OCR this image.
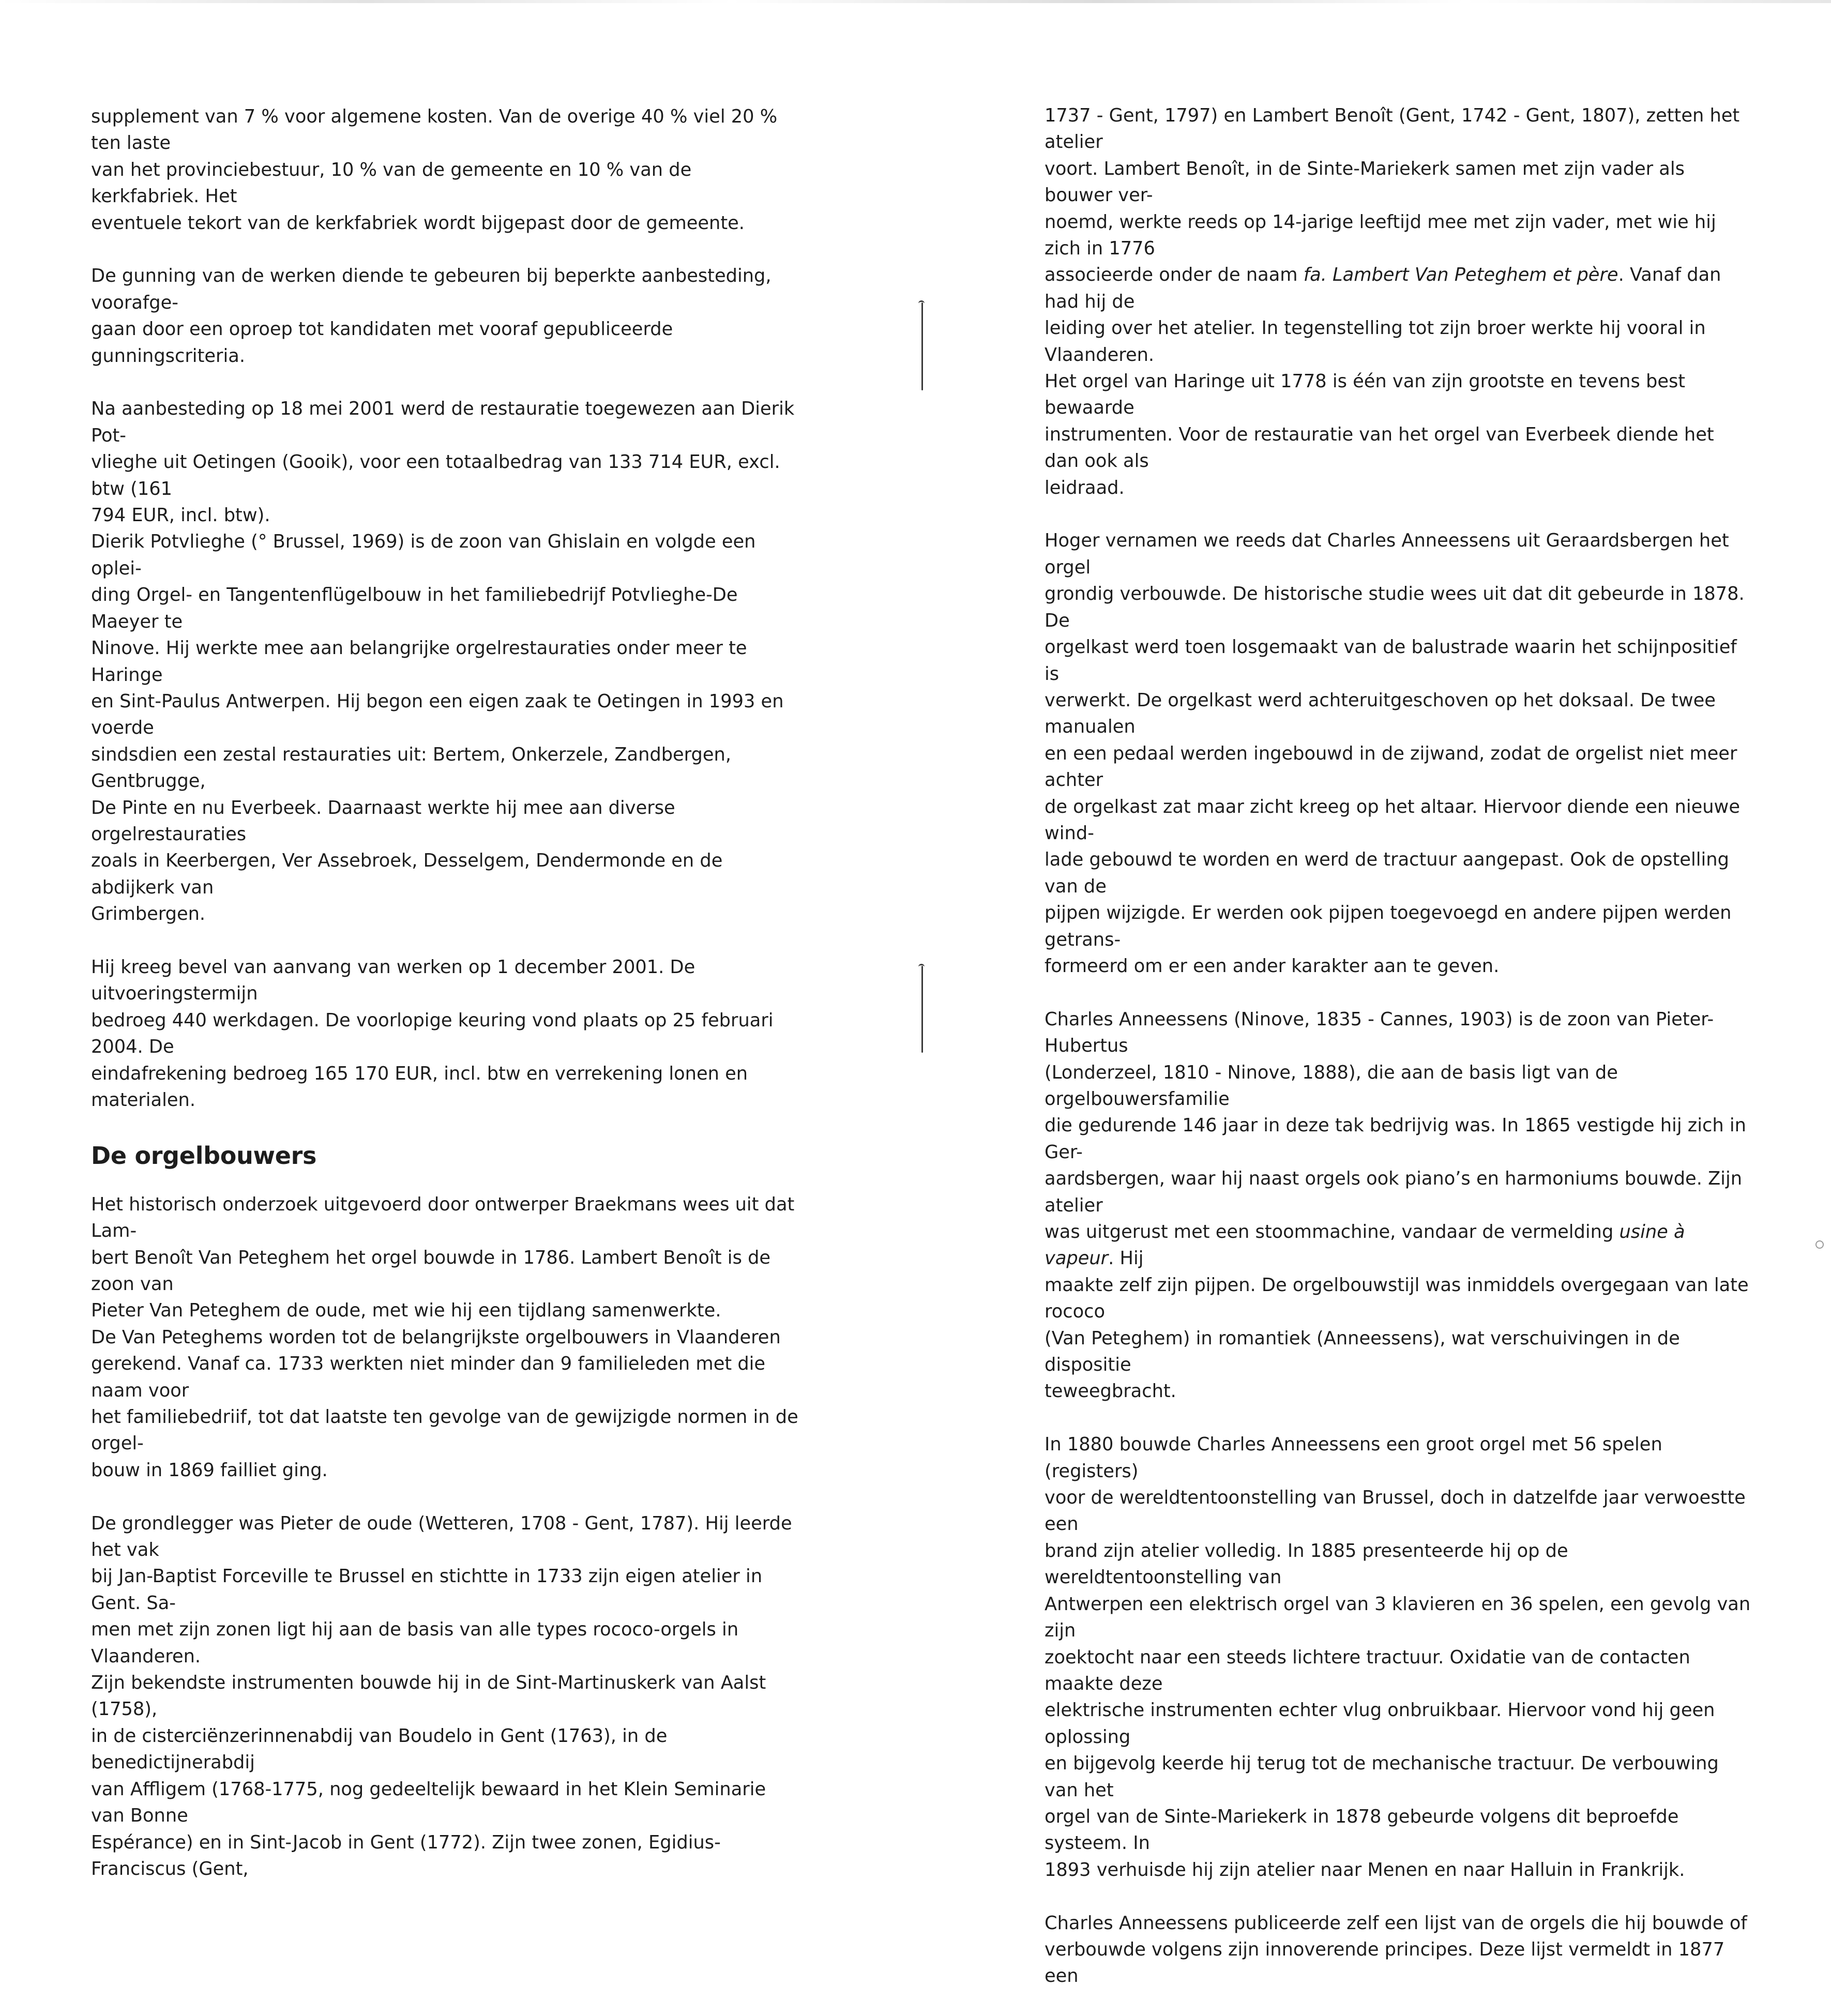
supplement van 7 % voor algemene kosten. Van de overige 40 % viel 20 % ten laste
van het provinciebestuur, 10 % van de gemeente en 10 % van de kerkfabriek. Het
eventuele tekort van de kerkfabriek wordt bijgepast door de gemeente.

De gunning van de werken diende te gebeuren bij beperkte aanbesteding, voorafge-
gaan door een oproep tot kandidaten met vooraf gepubliceerde gunningscriteria.

Na aanbesteding op 18 mei 2001 werd de restauratie toegewezen aan Dierik Pot-
vlieghe uit Oetingen (Gooik), voor een totaalbedrag van 133 714 EUR, excl. btw (161
794 EUR, incl. btw).

Dierik Potvlieghe (° Brussel, 1969) is de zoon van Ghislain en volgde een oplei-
ding Orgel- en Tangentenflügelbouw in het familiebedrijf Potvlieghe-De Maeyer te
Ninove. Hij werkte mee aan belangrijke orgelrestauraties onder meer te Haringe
en Sint-Paulus Antwerpen. Hij begon een eigen zaak te Oetingen in 1993 en voerde
sindsdien een zestal restauraties uit: Bertem, Onkerzele, Zandbergen, Gentbrugge,
De Pinte en nu Everbeek. Daarnaast werkte hij mee aan diverse orgelrestauraties
zoals in Keerbergen, Ver Assebroek, Desselgem, Dendermonde en de abdijkerk van
Grimbergen.

Hij kreeg bevel van aanvang van werken op 1 december 2001. De uitvoeringstermijn
bedroeg 440 werkdagen. De voorlopige keuring vond plaats op 25 februari 2004. De
eindafrekening bedroeg 165 170 EUR, incl. btw en verrekening lonen en materialen.

De orgelbouwers

Het historisch onderzoek uitgevoerd door ontwerper Braekmans wees uit dat Lam-
bert Benoît Van Peteghem het orgel bouwde in 1786. Lambert Benoît is de zoon van
Pieter Van Peteghem de oude, met wie hij een tijdlang samenwerkte.

De Van Peteghems worden tot de belangrijkste orgelbouwers in Vlaanderen
gerekend. Vanaf ca. 1733 werkten niet minder dan 9 familieleden met die naam voor
het familiebedriif, tot dat laatste ten gevolge van de gewijzigde normen in de orgel-
bouw in 1869 failliet ging.

De grondlegger was Pieter de oude (Wetteren, 1708 - Gent, 1787). Hij leerde het vak
bij Jan-Baptist Forceville te Brussel en stichtte in 1733 zijn eigen atelier in Gent. Sa-
men met zijn zonen ligt hij aan de basis van alle types rococo-orgels in Vlaanderen.
Zijn bekendste instrumenten bouwde hij in de Sint-Martinuskerk van Aalst (1758),
in de cisterciënzerinnenabdij van Boudelo in Gent (1763), in de benedictijnerabdij
van Affligem (1768-1775, nog gedeeltelijk bewaard in het Klein Seminarie van Bonne
Espérance) en in Sint-Jacob in Gent (1772). Zijn twee zonen, Egidius-Franciscus (Gent,

1737 - Gent, 1797) en Lambert Benoît (Gent, 1742 - Gent, 1807), zetten het atelier
voort. Lambert Benoît, in de Sinte-Mariekerk samen met zijn vader als bouwer ver-
noemd, werkte reeds op 14-jarige leeftijd mee met zijn vader, met wie hij zich in 1776
associeerde onder de naam fa. Lambert Van Peteghem et père. Vanaf dan had hij de
leiding over het atelier. In tegenstelling tot zijn broer werkte hij vooral in Vlaanderen.
Het orgel van Haringe uit 1778 is één van zijn grootste en tevens best bewaarde
instrumenten. Voor de restauratie van het orgel van Everbeek diende het dan ook als
leidraad.

Hoger vernamen we reeds dat Charles Anneessens uit Geraardsbergen het orgel
grondig verbouwde. De historische studie wees uit dat dit gebeurde in 1878. De
orgelkast werd toen losgemaakt van de balustrade waarin het schijnpositief is
verwerkt. De orgelkast werd achteruitgeschoven op het doksaal. De twee manualen
en een pedaal werden ingebouwd in de zijwand, zodat de orgelist niet meer achter
de orgelkast zat maar zicht kreeg op het altaar. Hiervoor diende een nieuwe wind-
lade gebouwd te worden en werd de tractuur aangepast. Ook de opstelling van de
pijpen wijzigde. Er werden ook pijpen toegevoegd en andere pijpen werden getrans-
formeerd om er een ander karakter aan te geven.

Charles Anneessens (Ninove, 1835 - Cannes, 1903) is de zoon van Pieter-Hubertus
(Londerzeel, 1810 - Ninove, 1888), die aan de basis ligt van de orgelbouwersfamilie
die gedurende 146 jaar in deze tak bedrijvig was. In 1865 vestigde hij zich in Ger-
aardsbergen, waar hij naast orgels ook piano’s en harmoniums bouwde. Zijn atelier
was uitgerust met een stoommachine, vandaar de vermelding usine à vapeur. Hij
maakte zelf zijn pijpen. De orgelbouwstijl was inmiddels overgegaan van late rococo
(Van Peteghem) in romantiek (Anneessens), wat verschuivingen in de dispositie
teweegbracht.

In 1880 bouwde Charles Anneessens een groot orgel met 56 spelen (registers)
voor de wereldtentoonstelling van Brussel, doch in datzelfde jaar verwoestte een
brand zijn atelier volledig. In 1885 presenteerde hij op de wereldtentoonstelling van
Antwerpen een elektrisch orgel van 3 klavieren en 36 spelen, een gevolg van zijn
zoektocht naar een steeds lichtere tractuur. Oxidatie van de contacten maakte deze
elektrische instrumenten echter vlug onbruikbaar. Hiervoor vond hij geen oplossing
en bijgevolg keerde hij terug tot de mechanische tractuur. De verbouwing van het
orgel van de Sinte-Mariekerk in 1878 gebeurde volgens dit beproefde systeem. In
1893 verhuisde hij zijn atelier naar Menen en naar Halluin in Frankrijk.

Charles Anneessens publiceerde zelf een lijst van de orgels die hij bouwde of
verbouwde volgens zijn innoverende principes. Deze lijst vermeldt in 1877 een
